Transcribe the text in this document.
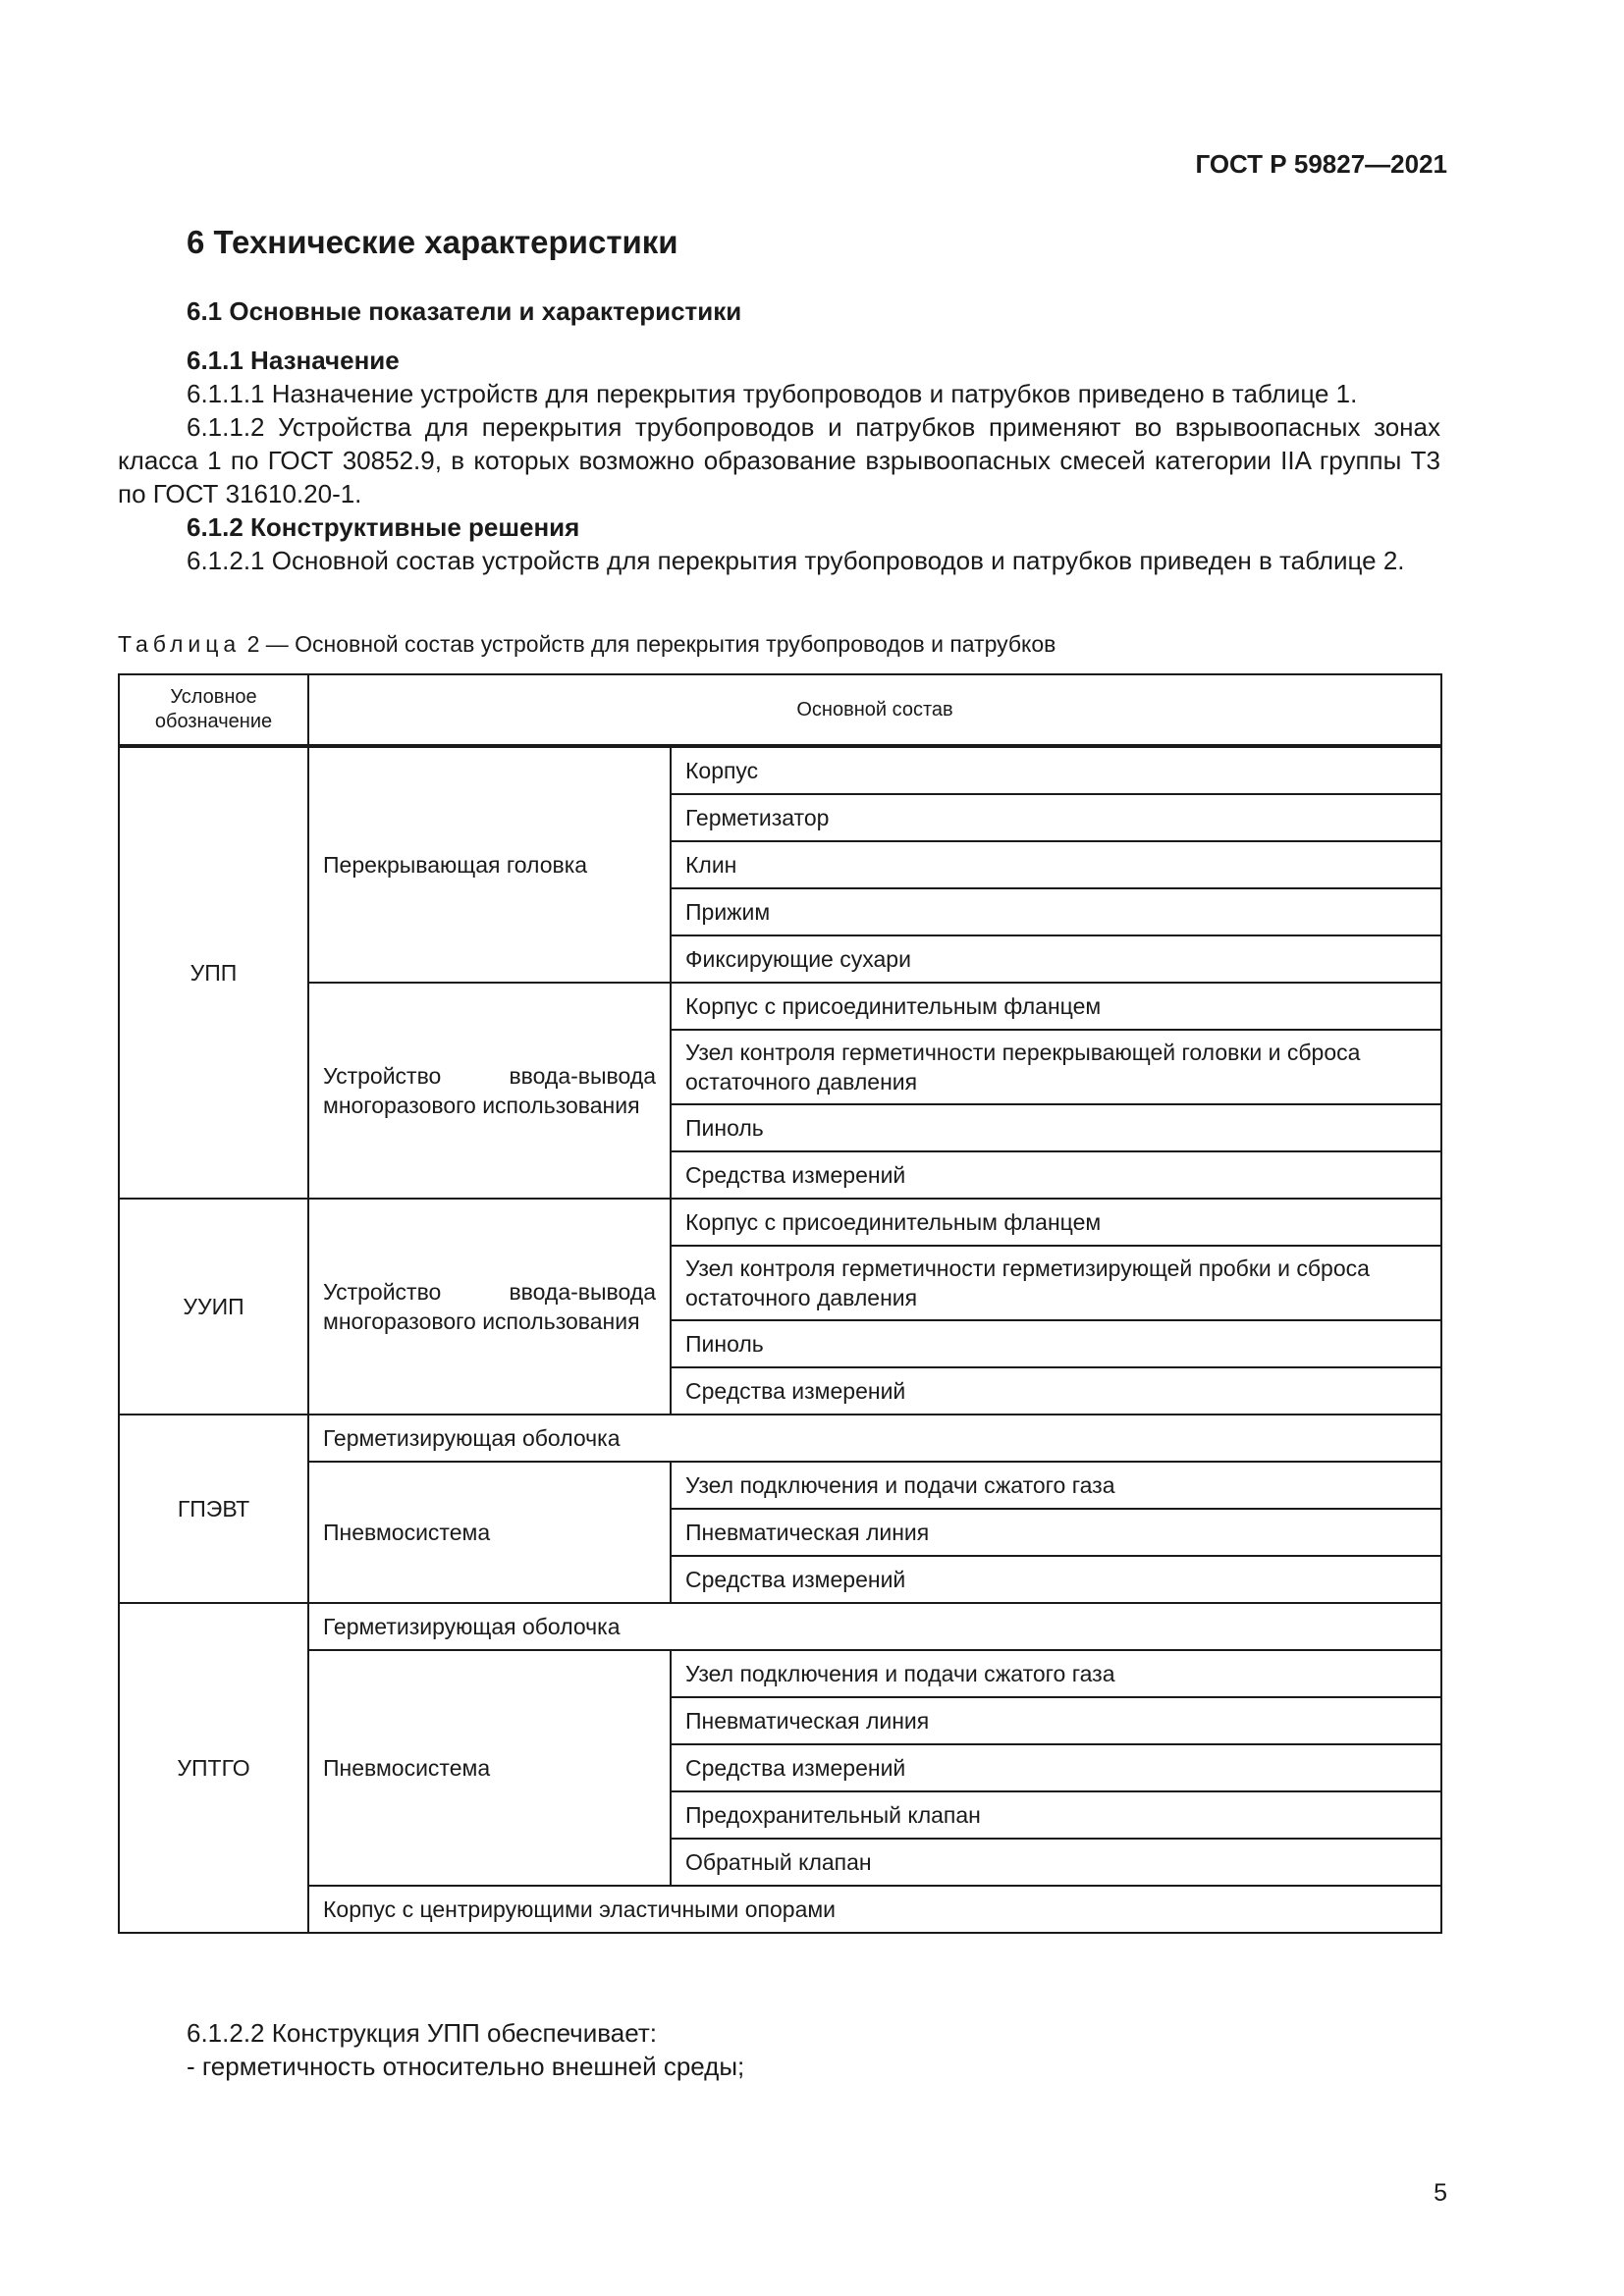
ГОСТ Р 59827—2021
6 Технические характеристики
6.1 Основные показатели и характеристики
6.1.1 Назначение
6.1.1.1 Назначение устройств для перекрытия трубопроводов и патрубков приведено в таблице 1.
6.1.1.2 Устройства для перекрытия трубопроводов и патрубков применяют во взрывоопасных зонах класса 1 по ГОСТ 30852.9, в которых возможно образование взрывоопасных смесей категории IIA группы Т3 по ГОСТ 31610.20-1.
6.1.2 Конструктивные решения
6.1.2.1 Основной состав устройств для перекрытия трубопроводов и патрубков приведен в таблице 2.
Таблица 2 — Основной состав устройств для перекрытия трубопроводов и патрубков
Условное обозначение	Основной состав	
УПП	Перекрывающая головка	Корпус
		Герметизатор
		Клин
		Прижим
		Фиксирующие сухари
	Устройство ввода-вывода многоразового использования	Корпус с присоединительным фланцем
		Узел контроля герметичности перекрывающей головки и сброса остаточного давления
		Пиноль
		Средства измерений
УУИП	Устройство ввода-вывода многоразового использования	Корпус с присоединительным фланцем
		Узел контроля герметичности герметизирующей пробки и сброса остаточного давления
		Пиноль
		Средства измерений
ГПЭВТ	Герметизирующая оболочка	
	Пневмосистема	Узел подключения и подачи сжатого газа
		Пневматическая линия
		Средства измерений
УПТГО	Герметизирующая оболочка	
	Пневмосистема	Узел подключения и подачи сжатого газа
		Пневматическая линия
		Средства измерений
		Предохранительный клапан
		Обратный клапан
	Корпус с центрирующими эластичными опорами	
6.1.2.2 Конструкция УПП обеспечивает:
- герметичность относительно внешней среды;
5
